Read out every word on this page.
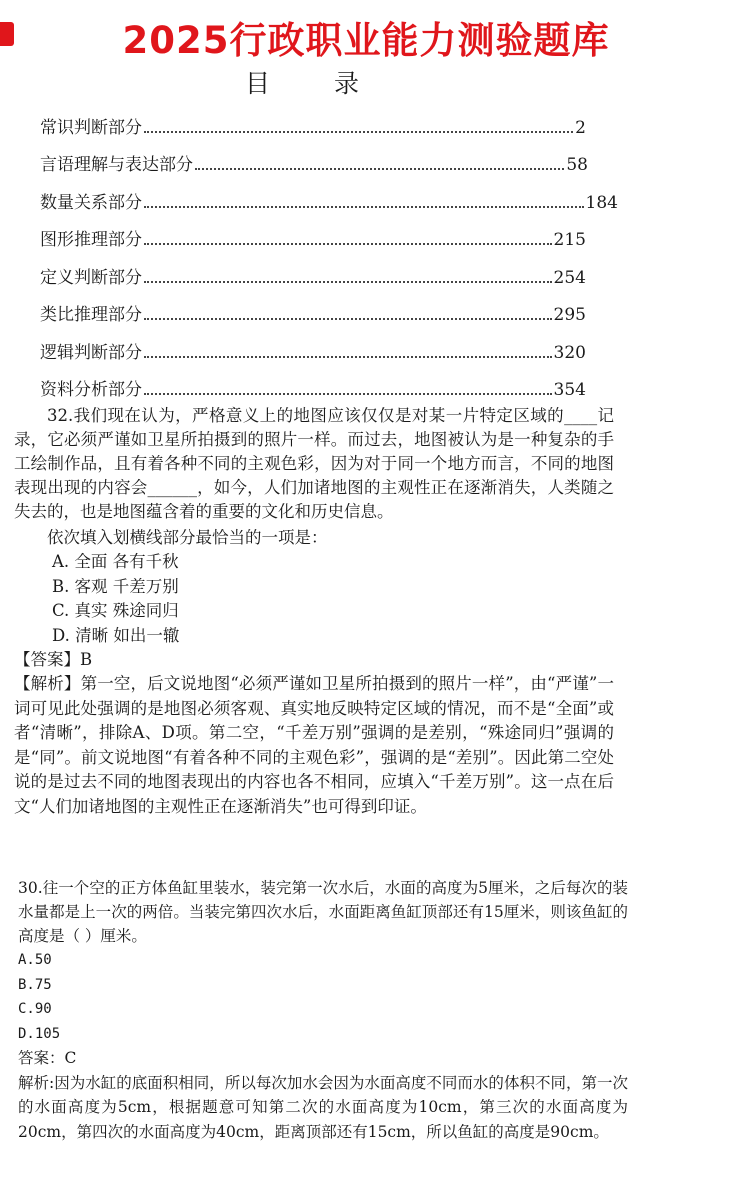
2025行政职业能力测验题库
目 录
常识判断部分	2
言语理解与表达部分	58
数量关系部分	184
图形推理部分	215
定义判断部分	254
类比推理部分	295
逻辑判断部分	320
资料分析部分	354
32.我们现在认为，严格意义上的地图应该仅仅是对某一片特定区域的____记录，它必须严谨如卫星所拍摄到的照片一样。而过去，地图被认为是一种复杂的手工绘制作品，且有着各种不同的主观色彩，因为对于同一个地方而言，不同的地图表现出现的内容会______，如今，人们加诸地图的主观性正在逐渐消失，人类随之失去的，也是地图蕴含着的重要的文化和历史信息。
依次填入划横线部分最恰当的一项是：
A. 全面 各有千秋
B. 客观 千差万别
C. 真实 殊途同归
D. 清晰 如出一辙
【答案】B
【解析】第一空，后文说地图“必须严谨如卫星所拍摄到的照片一样”，由“严谨”一词可见此处强调的是地图必须客观、真实地反映特定区域的情况，而不是“全面”或者“清晰”，排除A、D项。第二空，“千差万别”强调的是差别，“殊途同归”强调的是“同”。前文说地图“有着各种不同的主观色彩”，强调的是“差别”。因此第二空处说的是过去不同的地图表现出的内容也各不相同，应填入“千差万别”。这一点在后文“人们加诸地图的主观性正在逐渐消失”也可得到印证。
30.往一个空的正方体鱼缸里装水，装完第一次水后，水面的高度为5厘米，之后每次的装水量都是上一次的两倍。当装完第四次水后，水面距离鱼缸顶部还有15厘米，则该鱼缸的高度是（ ）厘米。
A.50
B.75
C.90
D.105
答案：C
解析:因为水缸的底面积相同，所以每次加水会因为水面高度不同而水的体积不同，第一次的水面高度为5cm，根据题意可知第二次的水面高度为10cm，第三次的水面高度为20cm，第四次的水面高度为40cm，距离顶部还有15cm，所以鱼缸的高度是90cm。
